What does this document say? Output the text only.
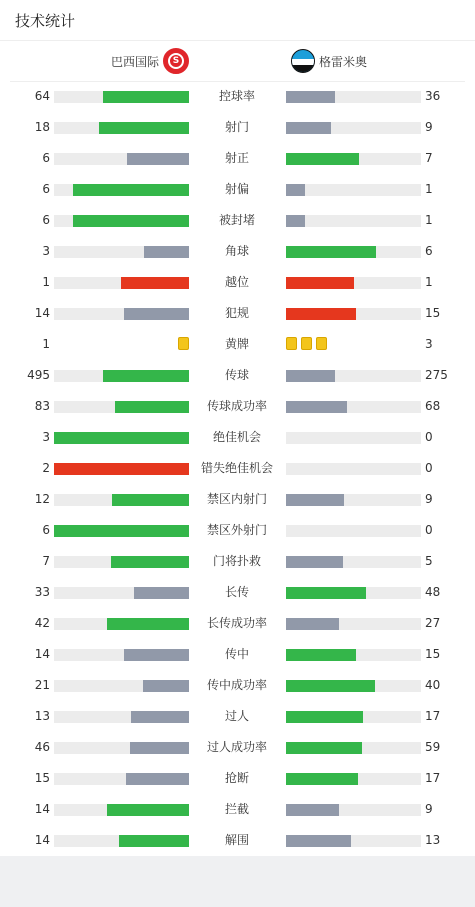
技术统计
巴西国际	S	格雷米奥
64	控球率	36
18	射门	9
6	射正	7
6	射偏	1
6	被封堵	1
3	角球	6
1	越位	1
14	犯规	15
1	黄牌	3
495	传球	275
83	传球成功率	68
3	绝佳机会	0
2	错失绝佳机会	0
12	禁区内射门	9
6	禁区外射门	0
7	门将扑救	5
33	长传	48
42	长传成功率	27
14	传中	15
21	传中成功率	40
13	过人	17
46	过人成功率	59
15	抢断	17
14	拦截	9
14	解围	13
